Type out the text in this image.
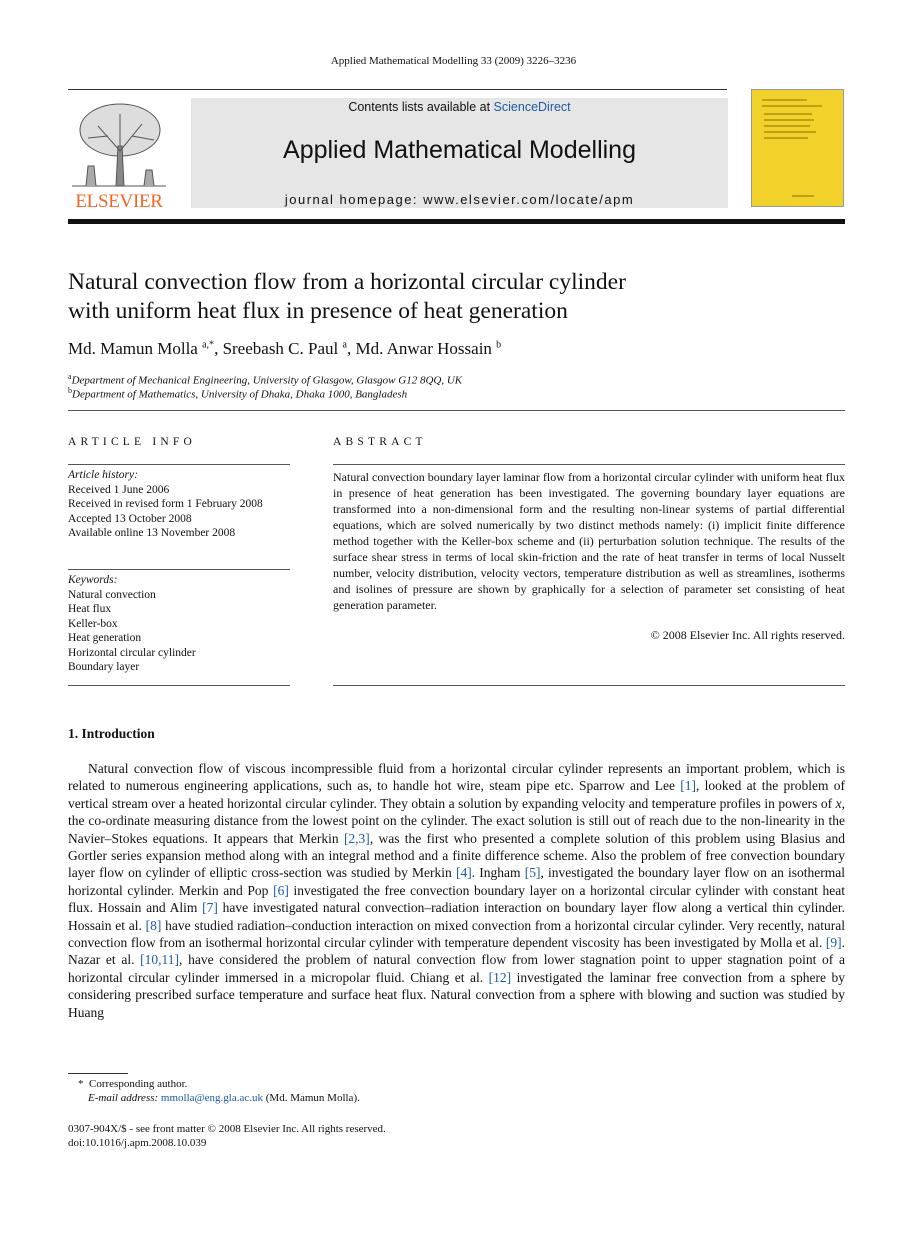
Applied Mathematical Modelling 33 (2009) 3226–3236
ELSEVIER
Contents lists available at ScienceDirect
Applied Mathematical Modelling
journal homepage: www.elsevier.com/locate/apm
Natural convection flow from a horizontal circular cylinder
with uniform heat flux in presence of heat generation
Md. Mamun Molla $^{a,*}$, Sreebash C. Paul $^a$, Md. Anwar Hossain $^b$
$^a$Department of Mechanical Engineering, University of Glasgow, Glasgow G12 8QQ, UK
$^b$Department of Mathematics, University of Dhaka, Dhaka 1000, Bangladesh
ARTICLE INFO
Article history:
Received 1 June 2006
Received in revised form 1 February 2008
Accepted 13 October 2008
Available online 13 November 2008
Keywords:
Natural convection
Heat flux
Keller-box
Heat generation
Horizontal circular cylinder
Boundary layer
ABSTRACT
Natural convection boundary layer laminar flow from a horizontal circular cylinder with uniform heat flux in presence of heat generation has been investigated. The governing boundary layer equations are transformed into a non-dimensional form and the resulting non-linear systems of partial differential equations, which are solved numerically by two distinct methods namely: (i) implicit finite difference method together with the Keller-box scheme and (ii) perturbation solution technique. The results of the surface shear stress in terms of local skin-friction and the rate of heat transfer in terms of local Nusselt number, velocity distribution, velocity vectors, temperature distribution as well as streamlines, isotherms and isolines of pressure are shown by graphically for a selection of parameter set consisting of heat generation parameter.
© 2008 Elsevier Inc. All rights reserved.
1. Introduction
Natural convection flow of viscous incompressible fluid from a horizontal circular cylinder represents an important problem, which is related to numerous engineering applications, such as, to handle hot wire, steam pipe etc. Sparrow and Lee [1], looked at the problem of vertical stream over a heated horizontal circular cylinder. They obtain a solution by expanding velocity and temperature profiles in powers of x, the co-ordinate measuring distance from the lowest point on the cylinder. The exact solution is still out of reach due to the non-linearity in the Navier–Stokes equations. It appears that Merkin [2,3], was the first who presented a complete solution of this problem using Blasius and Gortler series expansion method along with an integral method and a finite difference scheme. Also the problem of free convection boundary layer flow on cylinder of elliptic cross-section was studied by Merkin [4]. Ingham [5], investigated the boundary layer flow on an isothermal horizontal cylinder. Merkin and Pop [6] investigated the free convection boundary layer on a horizontal circular cylinder with constant heat flux. Hossain and Alim [7] have investigated natural convection–radiation interaction on boundary layer flow along a vertical thin cylinder. Hossain et al. [8] have studied radiation–conduction interaction on mixed convection from a horizontal circular cylinder. Very recently, natural convection flow from an isothermal horizontal circular cylinder with temperature dependent viscosity has been investigated by Molla et al. [9]. Nazar et al. [10,11], have considered the problem of natural convection flow from lower stagnation point to upper stagnation point of a horizontal circular cylinder immersed in a micropolar fluid. Chiang et al. [12] investigated the laminar free convection from a sphere by considering prescribed surface temperature and surface heat flux. Natural convection from a sphere with blowing and suction was studied by Huang
* Corresponding author.
E-mail address: mmolla@eng.gla.ac.uk (Md. Mamun Molla).
0307-904X/$ - see front matter © 2008 Elsevier Inc. All rights reserved.
doi:10.1016/j.apm.2008.10.039
